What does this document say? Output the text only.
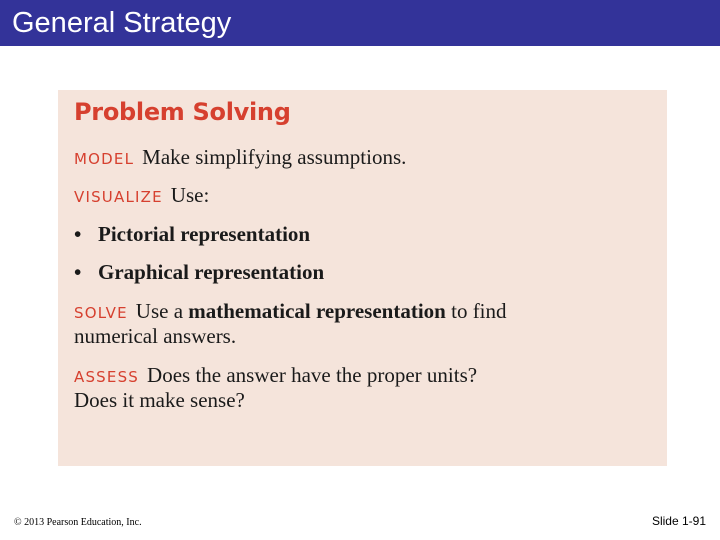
General Strategy
Problem Solving
MODEL Make simplifying assumptions.
VISUALIZE Use:
• Pictorial representation
• Graphical representation
SOLVE Use a mathematical representation to find
numerical answers.
ASSESS Does the answer have the proper units?
Does it make sense?
© 2013 Pearson Education, Inc.	Slide 1-91
